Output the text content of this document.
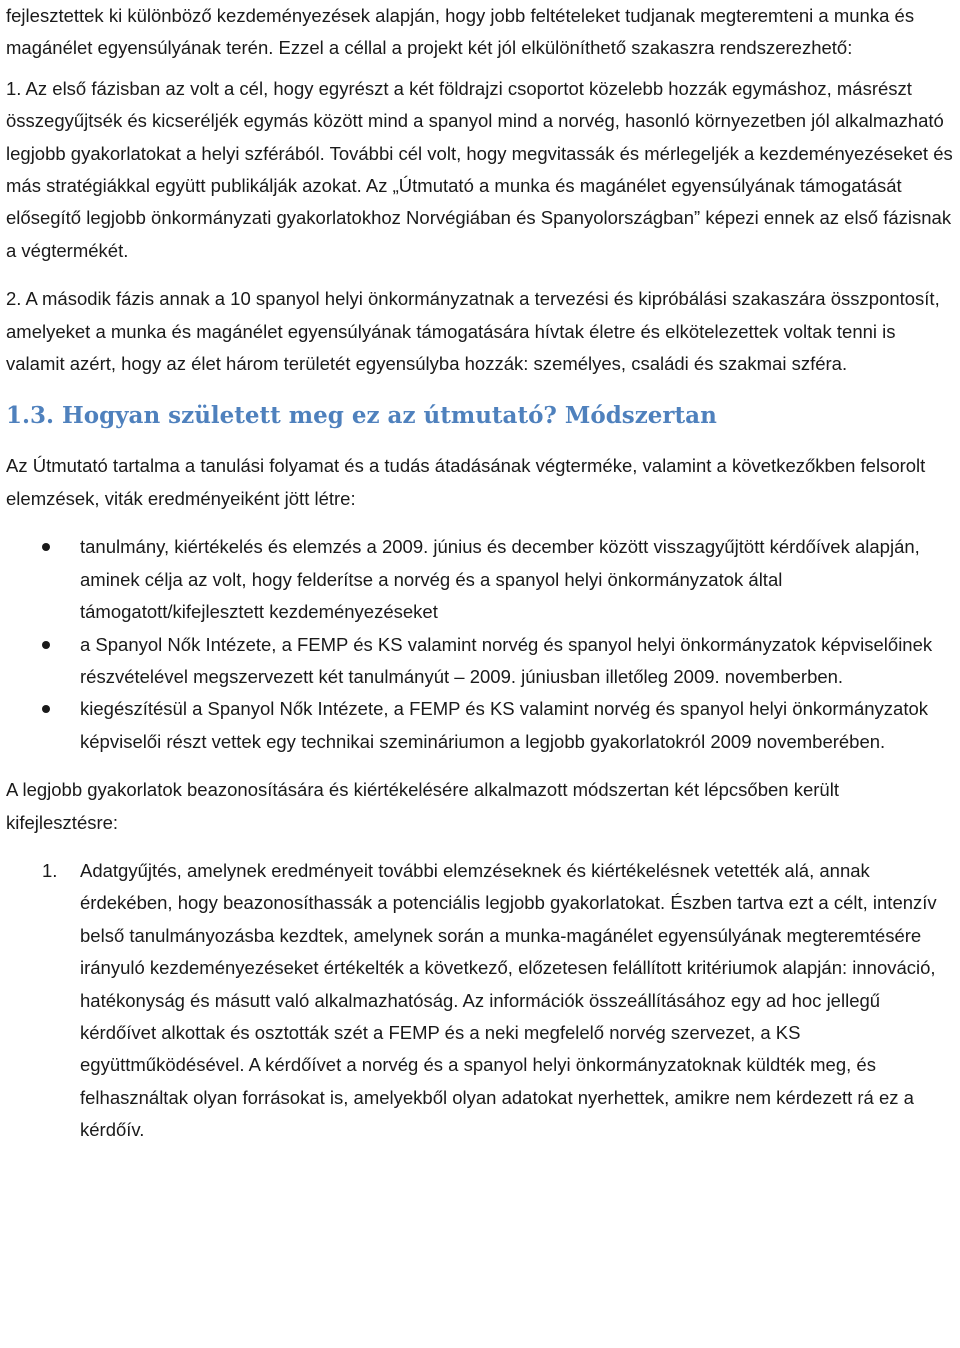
fejlesztettek ki különböző kezdeményezések alapján, hogy jobb feltételeket tudjanak megteremteni a munka és magánélet egyensúlyának terén. Ezzel a céllal a projekt két jól elkülöníthető szakaszra rendszerezhető:

1. Az első fázisban az volt a cél, hogy egyrészt a két földrajzi csoportot közelebb hozzák egymáshoz, másrészt összegyűjtsék és kicseréljék egymás között mind a spanyol mind a norvég, hasonló környezetben jól alkalmazható legjobb gyakorlatokat a helyi szférából. További cél volt, hogy megvitassák és mérlegeljék a kezdeményezéseket és más stratégiákkal együtt publikálják azokat. Az „Útmutató a munka és magánélet egyensúlyának támogatását elősegítő legjobb önkormányzati gyakorlatokhoz Norvégiában és Spanyolországban” képezi ennek az első fázisnak a végtermékét.

2. A második fázis annak a 10 spanyol helyi önkormányzatnak a tervezési és kipróbálási szakaszára összpontosít, amelyeket a munka és magánélet egyensúlyának támogatására hívtak életre és elkötelezettek voltak tenni is valamit azért, hogy az élet három területét egyensúlyba hozzák: személyes, családi és szakmai szféra.

1.3. Hogyan született meg ez az útmutató? Módszertan

Az Útmutató tartalma a tanulási folyamat és a tudás átadásának végterméke, valamint a következőkben felsorolt elemzések, viták eredményeiként jött létre:

tanulmány, kiértékelés és elemzés a 2009. június és december között visszagyűjtött kérdőívek alapján, aminek célja az volt, hogy felderítse a norvég és a spanyol helyi önkormányzatok által támogatott/kifejlesztett kezdeményezéseket
a Spanyol Nők Intézete, a FEMP és KS valamint norvég és spanyol helyi önkormányzatok képviselőinek részvételével megszervezett két tanulmányút – 2009. júniusban illetőleg 2009. novemberben.
kiegészítésül a Spanyol Nők Intézete, a FEMP és KS valamint norvég és spanyol helyi önkormányzatok képviselői részt vettek egy technikai szemináriumon a legjobb gyakorlatokról 2009 novemberében.

A legjobb gyakorlatok beazonosítására és kiértékelésére alkalmazott módszertan két lépcsőben került kifejlesztésre:

1. Adatgyűjtés, amelynek eredményeit további elemzéseknek és kiértékelésnek vetették alá, annak érdekében, hogy beazonosíthassák a potenciális legjobb gyakorlatokat. Észben tartva ezt a célt, intenzív belső tanulmányozásba kezdtek, amelynek során a munka-magánélet egyensúlyának megteremtésére irányuló kezdeményezéseket értékelték a következő, előzetesen felállított kritériumok alapján: innováció, hatékonyság és másutt való alkalmazhatóság. Az információk összeállításához egy ad hoc jellegű kérdőívet alkottak és osztották szét a FEMP és a neki megfelelő norvég szervezet, a KS együttműködésével. A kérdőívet a norvég és a spanyol helyi önkormányzatoknak küldték meg, és felhasználtak olyan forrásokat is, amelyekből olyan adatokat nyerhettek, amikre nem kérdezett rá ez a kérdőív.
